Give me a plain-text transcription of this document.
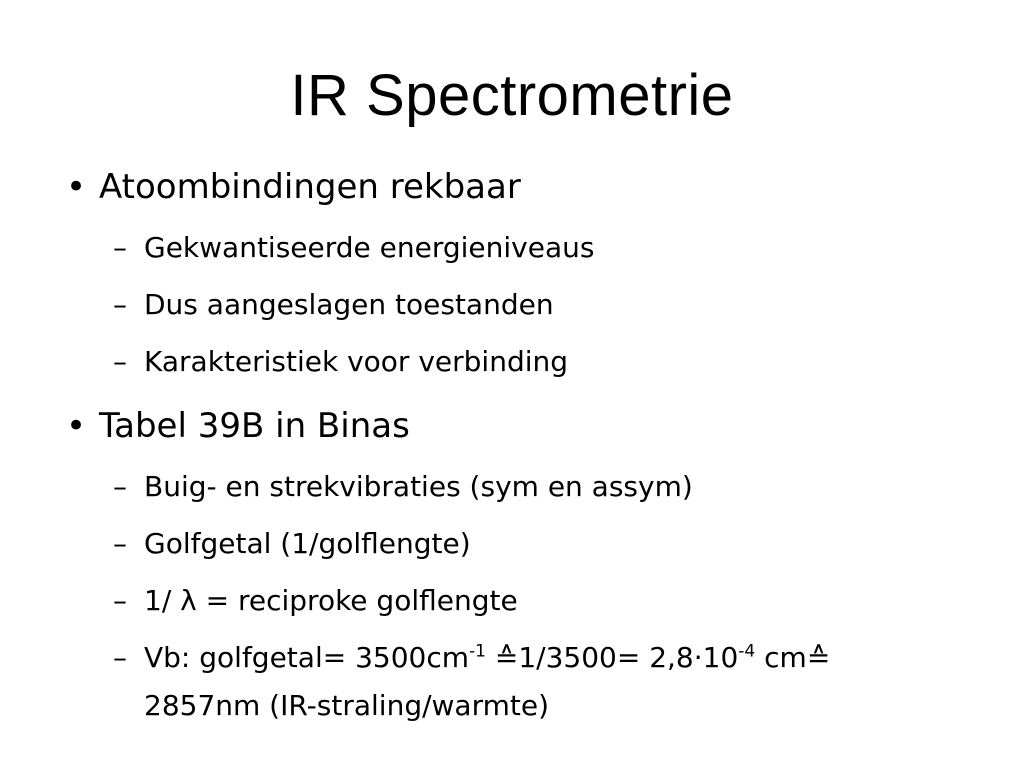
IR Spectrometrie
• Atoombindingen rekbaar
– Gekwantiseerde energieniveaus
– Dus aangeslagen toestanden
– Karakteristiek voor verbinding
• Tabel 39B in Binas
– Buig- en strekvibraties (sym en assym)
– Golfgetal (1/golflengte)
– 1/ λ = reciproke golflengte
– Vb: golfgetal= $3500cm^{-1}$ ≙1/3500= $2,8\cdot 10^{-4}$ cm≙
2857nm (IR-straling/warmte)
